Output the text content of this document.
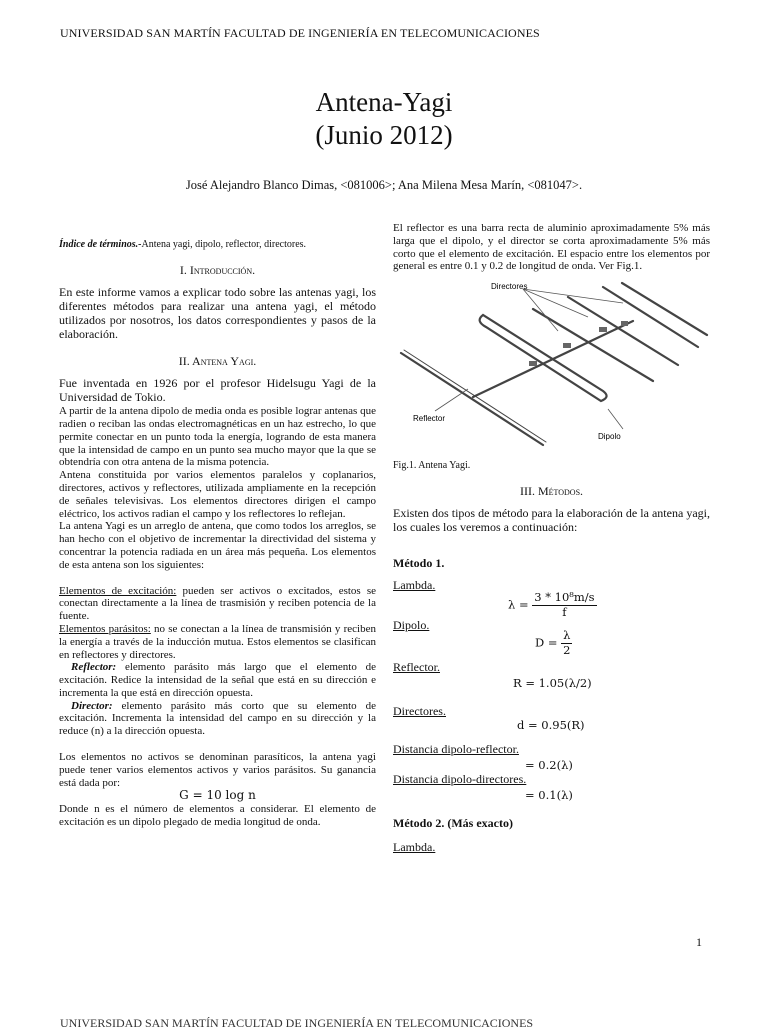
UNIVERSIDAD SAN MARTÍN FACULTAD DE INGENIERÍA EN TELECOMUNICACIONES
Antena-Yagi
(Junio 2012)
José Alejandro Blanco Dimas, <081006>; Ana Milena Mesa Marín, <081047>.

Índice de términos.-Antena yagi, dipolo, reflector, directores.

I. Introducción.

En este informe vamos a explicar todo sobre las antenas yagi, los diferentes métodos para realizar una antena yagi, el método utilizados por nosotros, los datos correspondientes y pasos de la elaboración.

II. Antena Yagi.

Fue inventada en 1926 por el profesor Hidelsugu Yagi de la Universidad de Tokio.

A partir de la antena dipolo de media onda es posible lograr antenas que radien o reciban las ondas electromagnéticas en un haz estrecho, lo que permite conectar en un punto toda la energía, logrando de esta manera que la intensidad de campo en un punto sea mucho mayor que la que se obtendría con otra antena de la misma potencia.

Antena constituida por varios elementos paralelos y coplanarios, directores, activos y reflectores, utilizada ampliamente en la recepción de señales televisivas. Los elementos directores dirigen el campo eléctrico, los activos radian el campo y los reflectores lo reflejan.

La antena Yagi es un arreglo de antena, que como todos los arreglos, se han hecho con el objetivo de incrementar la directividad del sistema y concentrar la potencia radiada en un área más pequeña. Los elementos de esta antena son los siguientes:

Elementos de excitación: pueden ser activos o excitados, estos se conectan directamente a la línea de trasmisión y reciben potencia de la fuente.

Elementos parásitos: no se conectan a la línea de transmisión y reciben la energía a través de la inducción mutua. Estos elementos se clasifican en reflectores y directores.

Reflector: elemento parásito más largo que el elemento de excitación. Redice la intensidad de la señal que está en su dirección e incrementa la que está en dirección opuesta.

Director: elemento parásito más corto que su elemento de excitación. Incrementa la intensidad del campo en su dirección y la reduce (n) a la dirección opuesta.

Los elementos no activos se denominan parasíticos, la antena yagi puede tener varios elementos activos y varios parásitos. Su ganancia está dada por:

G = 10 log n

Donde n es el número de elementos a considerar. El elemento de excitación es un dipolo plegado de media longitud de onda.

El reflector es una barra recta de aluminio aproximadamente 5% más larga que el dipolo, y el director se corta aproximadamente 5% más corto que el elemento de excitación. El espacio entre los elementos por general es entre 0.1 y 0.2 de longitud de onda. Ver Fig.1.

Directores
Reflector
Dipolo

Fig.1. Antena Yagi.

III. Métodos.

Existen dos tipos de método para la elaboración de la antena yagi, los cuales los veremos a continuación:

Método 1.

Lambda.
$\lambda = \frac{\text{3 * 10⁸m/s}}{f}$
Dipolo.
$D = \frac{\lambda}{2}$
Reflector.
R = 1.05(λ/2)
Directores.
d = 0.95(R)
Distancia dipolo-reflector.
= 0.2(λ)
Distancia dipolo-directores.
= 0.1(λ)

Método 2. (Más exacto)

Lambda.

1
UNIVERSIDAD SAN MARTÍN FACULTAD DE INGENIERÍA EN TELECOMUNICACIONES
